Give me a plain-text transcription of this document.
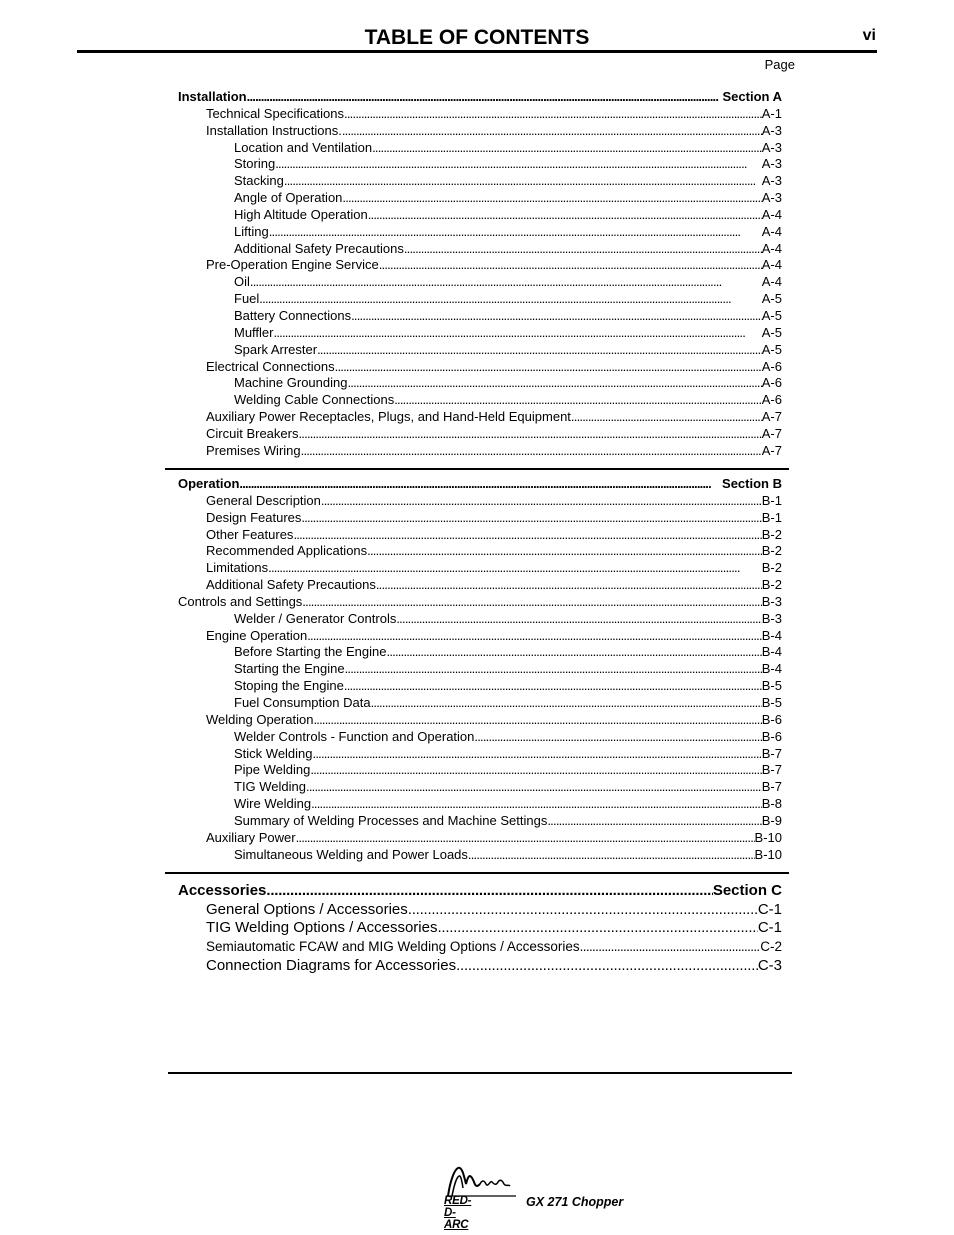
TABLE OF CONTENTS	vi
Page
Installation . . .	Section A
Technical Specifications . . .	A-1
Installation Instructions. . . .	A-3
Location and Ventilation . . .	A-3
Storing . . .	A-3
Stacking . . .	A-3
Angle of Operation . . .	A-3
High Altitude Operation . . .	A-4
Lifting . . .	A-4
Additional Safety Precautions . . .	A-4
Pre-Operation Engine Service . . .	A-4
Oil . . .	A-4
Fuel . . .	A-5
Battery Connections . . .	A-5
Muffler . . .	A-5
Spark Arrester . . .	A-5
Electrical Connections . . .	A-6
Machine Grounding . . .	A-6
Welding Cable Connections . . .	A-6
Auxiliary Power Receptacles, Plugs, and Hand-Held Equipment . . .	A-7
Circuit Breakers . . .	A-7
Premises Wiring . . .	A-7
Operation . . .	Section B
General Description . . .	B-1
Design Features . . .	B-1
Other Features . . .	B-2
Recommended Applications . . .	B-2
Limitations . . .	B-2
Additional Safety Precautions . . .	B-2
Controls and Settings . . .	B-3
Welder / Generator Controls . . .	B-3
Engine Operation . . .	B-4
Before Starting the Engine . . .	B-4
Starting the Engine . . .	B-4
Stoping the Engine . . .	B-5
Fuel Consumption Data . . .	B-5
Welding Operation . . .	B-6
Welder Controls - Function and Operation . . .	B-6
Stick Welding . . .	B-7
Pipe Welding . . .	B-7
TIG Welding . . .	B-7
Wire Welding . . .	B-8
Summary of Welding Processes and Machine Settings . . .	B-9
Auxiliary Power . . .	B-10
Simultaneous Welding and Power Loads . . .	B-10
Accessories . . .	Section C
General Options / Accessories . . .	C-1
TIG Welding Options / Accessories . . .	C-1
Semiautomatic FCAW and MIG Welding Options / Accessories . . .	C-2
Connection Diagrams for Accessories . . .	C-3
RED-D-ARC
GX 271 Chopper
